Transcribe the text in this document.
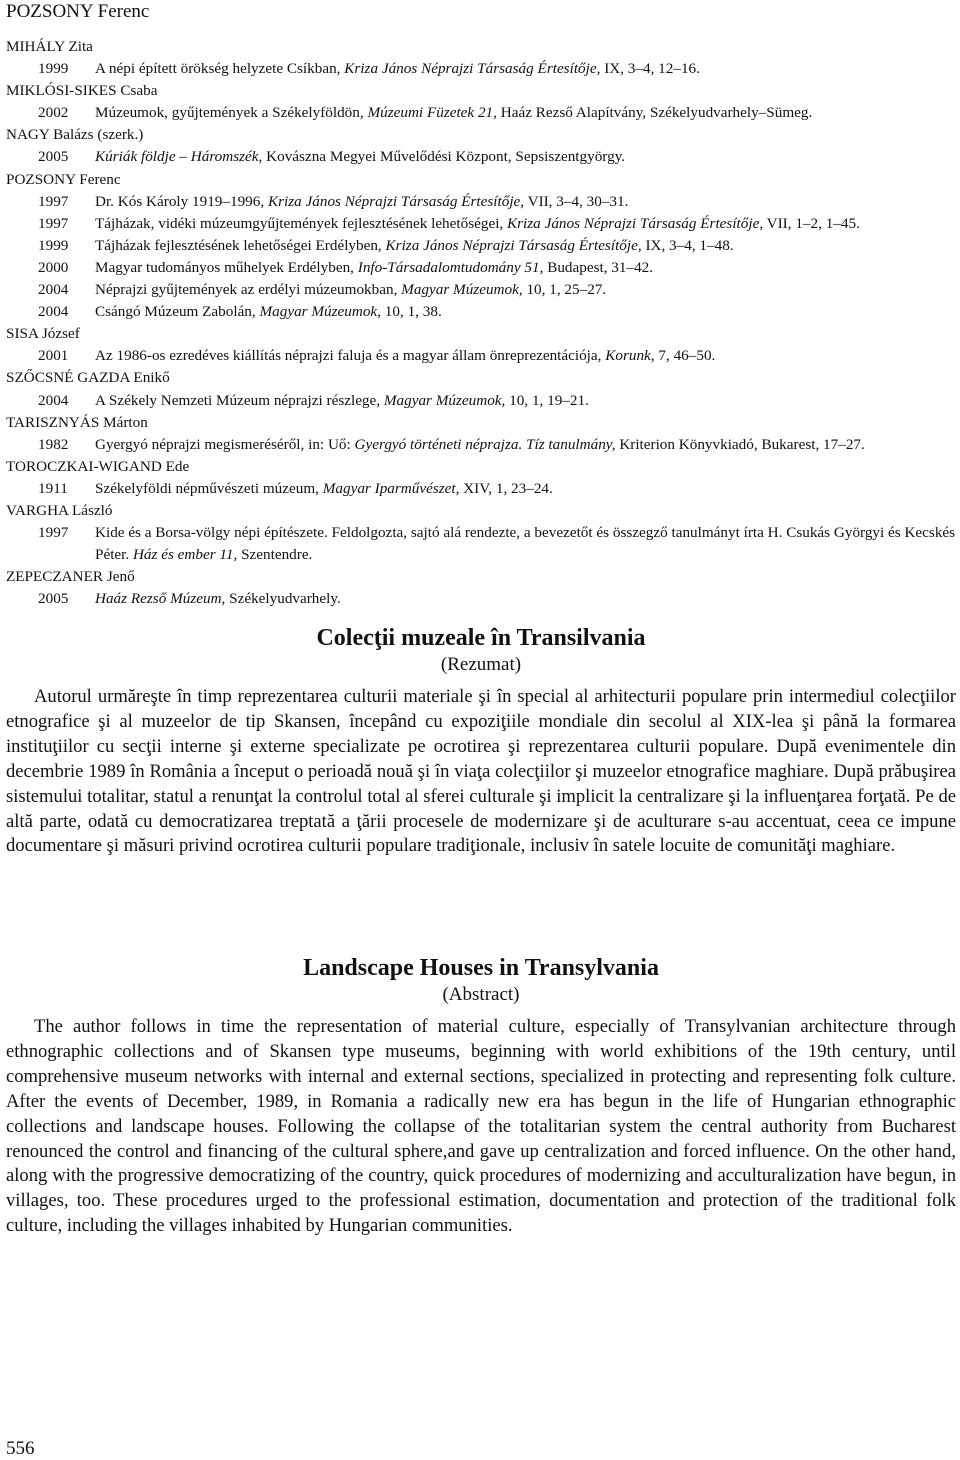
POZSONY Ferenc
MIHÁLY Zita
1999	A népi épített örökség helyzete Csíkban, Kriza János Néprajzi Társaság Értesítője, IX, 3–4, 12–16.
MIKLÓSI-SIKES Csaba
2002	Múzeumok, gyűjtemények a Székelyföldön, Múzeumi Füzetek 21, Haáz Rezső Alapítvány, Székelyudvarhely–Sümeg.
NAGY Balázs (szerk.)
2005	Kúriák földje – Háromszék, Kovászna Megyei Művelődési Központ, Sepsiszentgyörgy.
POZSONY Ferenc
1997	Dr. Kós Károly 1919–1996, Kriza János Néprajzi Társaság Értesítője, VII, 3–4, 30–31.
1997	Tájházak, vidéki múzeumgyűjtemények fejlesztésének lehetőségei, Kriza János Néprajzi Társaság Értesítője, VII, 1–2, 1–45.
1999	Tájházak fejlesztésének lehetőségei Erdélyben, Kriza János Néprajzi Társaság Értesítője, IX, 3–4, 1–48.
2000	Magyar tudományos műhelyek Erdélyben, Info-Társadalomtudomány 51, Budapest, 31–42.
2004	Néprajzi gyűjtemények az erdélyi múzeumokban, Magyar Múzeumok, 10, 1, 25–27.
2004	Csángó Múzeum Zabolán, Magyar Múzeumok, 10, 1, 38.
SISA József
2001	Az 1986-os ezredéves kiállítás néprajzi faluja és a magyar állam önreprezentációja, Korunk, 7, 46–50.
SZŐCSNÉ GAZDA Enikő
2004	A Székely Nemzeti Múzeum néprajzi részlege, Magyar Múzeumok, 10, 1, 19–21.
TARISZNYÁS Márton
1982	Gyergyó néprajzi megismeréséről, in: Uő: Gyergyó történeti néprajza. Tíz tanulmány, Kriterion Könyvkiadó, Bukarest, 17–27.
TOROCZKAI-WIGAND Ede
1911	Székelyföldi népművészeti múzeum, Magyar Iparművészet, XIV, 1, 23–24.
VARGHA László
1997	Kide és a Borsa-völgy népi építészete. Feldolgozta, sajtó alá rendezte, a bevezetőt és összegző tanulmányt írta H. Csukás Györgyi és Kecskés Péter. Ház és ember 11, Szentendre.
ZEPECZANER Jenő
2005	Haáz Rezső Múzeum, Székelyudvarhely.

Colecţii muzeale în Transilvania

(Rezumat)

Autorul urmăreşte în timp reprezentarea culturii materiale şi în special al arhitecturii populare prin intermediul colecţiilor etnografice şi al muzeelor de tip Skansen, începând cu expoziţiile mondiale din secolul al XIX-lea şi până la formarea instituţiilor cu secţii interne şi externe specializate pe ocrotirea şi reprezentarea culturii populare. După evenimentele din decembrie 1989 în România a început o perioadă nouă şi în viaţa colecţiilor şi muzeelor etnografice maghiare. După prăbuşirea sistemului totalitar, statul a renunţat la controlul total al sferei culturale şi implicit la centralizare şi la influenţarea forţată. Pe de altă parte, odată cu democratizarea treptată a ţării procesele de modernizare şi de aculturare s-au accentuat, ceea ce impune documentare şi măsuri privind ocrotirea culturii populare tradiţionale, inclusiv în satele locuite de comunităţi maghiare.

Landscape Houses in Transylvania

(Abstract)

The author follows in time the representation of material culture, especially of Transylvanian architecture through ethnographic collections and of Skansen type museums, beginning with world exhibitions of the 19th century, until comprehensive museum networks with internal and external sections, specialized in protecting and representing folk culture. After the events of December, 1989, in Romania a radically new era has begun in the life of Hungarian ethnographic collections and landscape houses. Following the collapse of the totalitarian system the central authority from Bucharest renounced the control and financing of the cultural sphere,and gave up centralization and forced influence. On the other hand, along with the progressive democratizing of the country, quick procedures of modernizing and acculturalization have begun, in villages, too. These procedures urged to the professional estimation, documentation and protection of the traditional folk culture, including the villages inhabited by Hungarian communities.

556
